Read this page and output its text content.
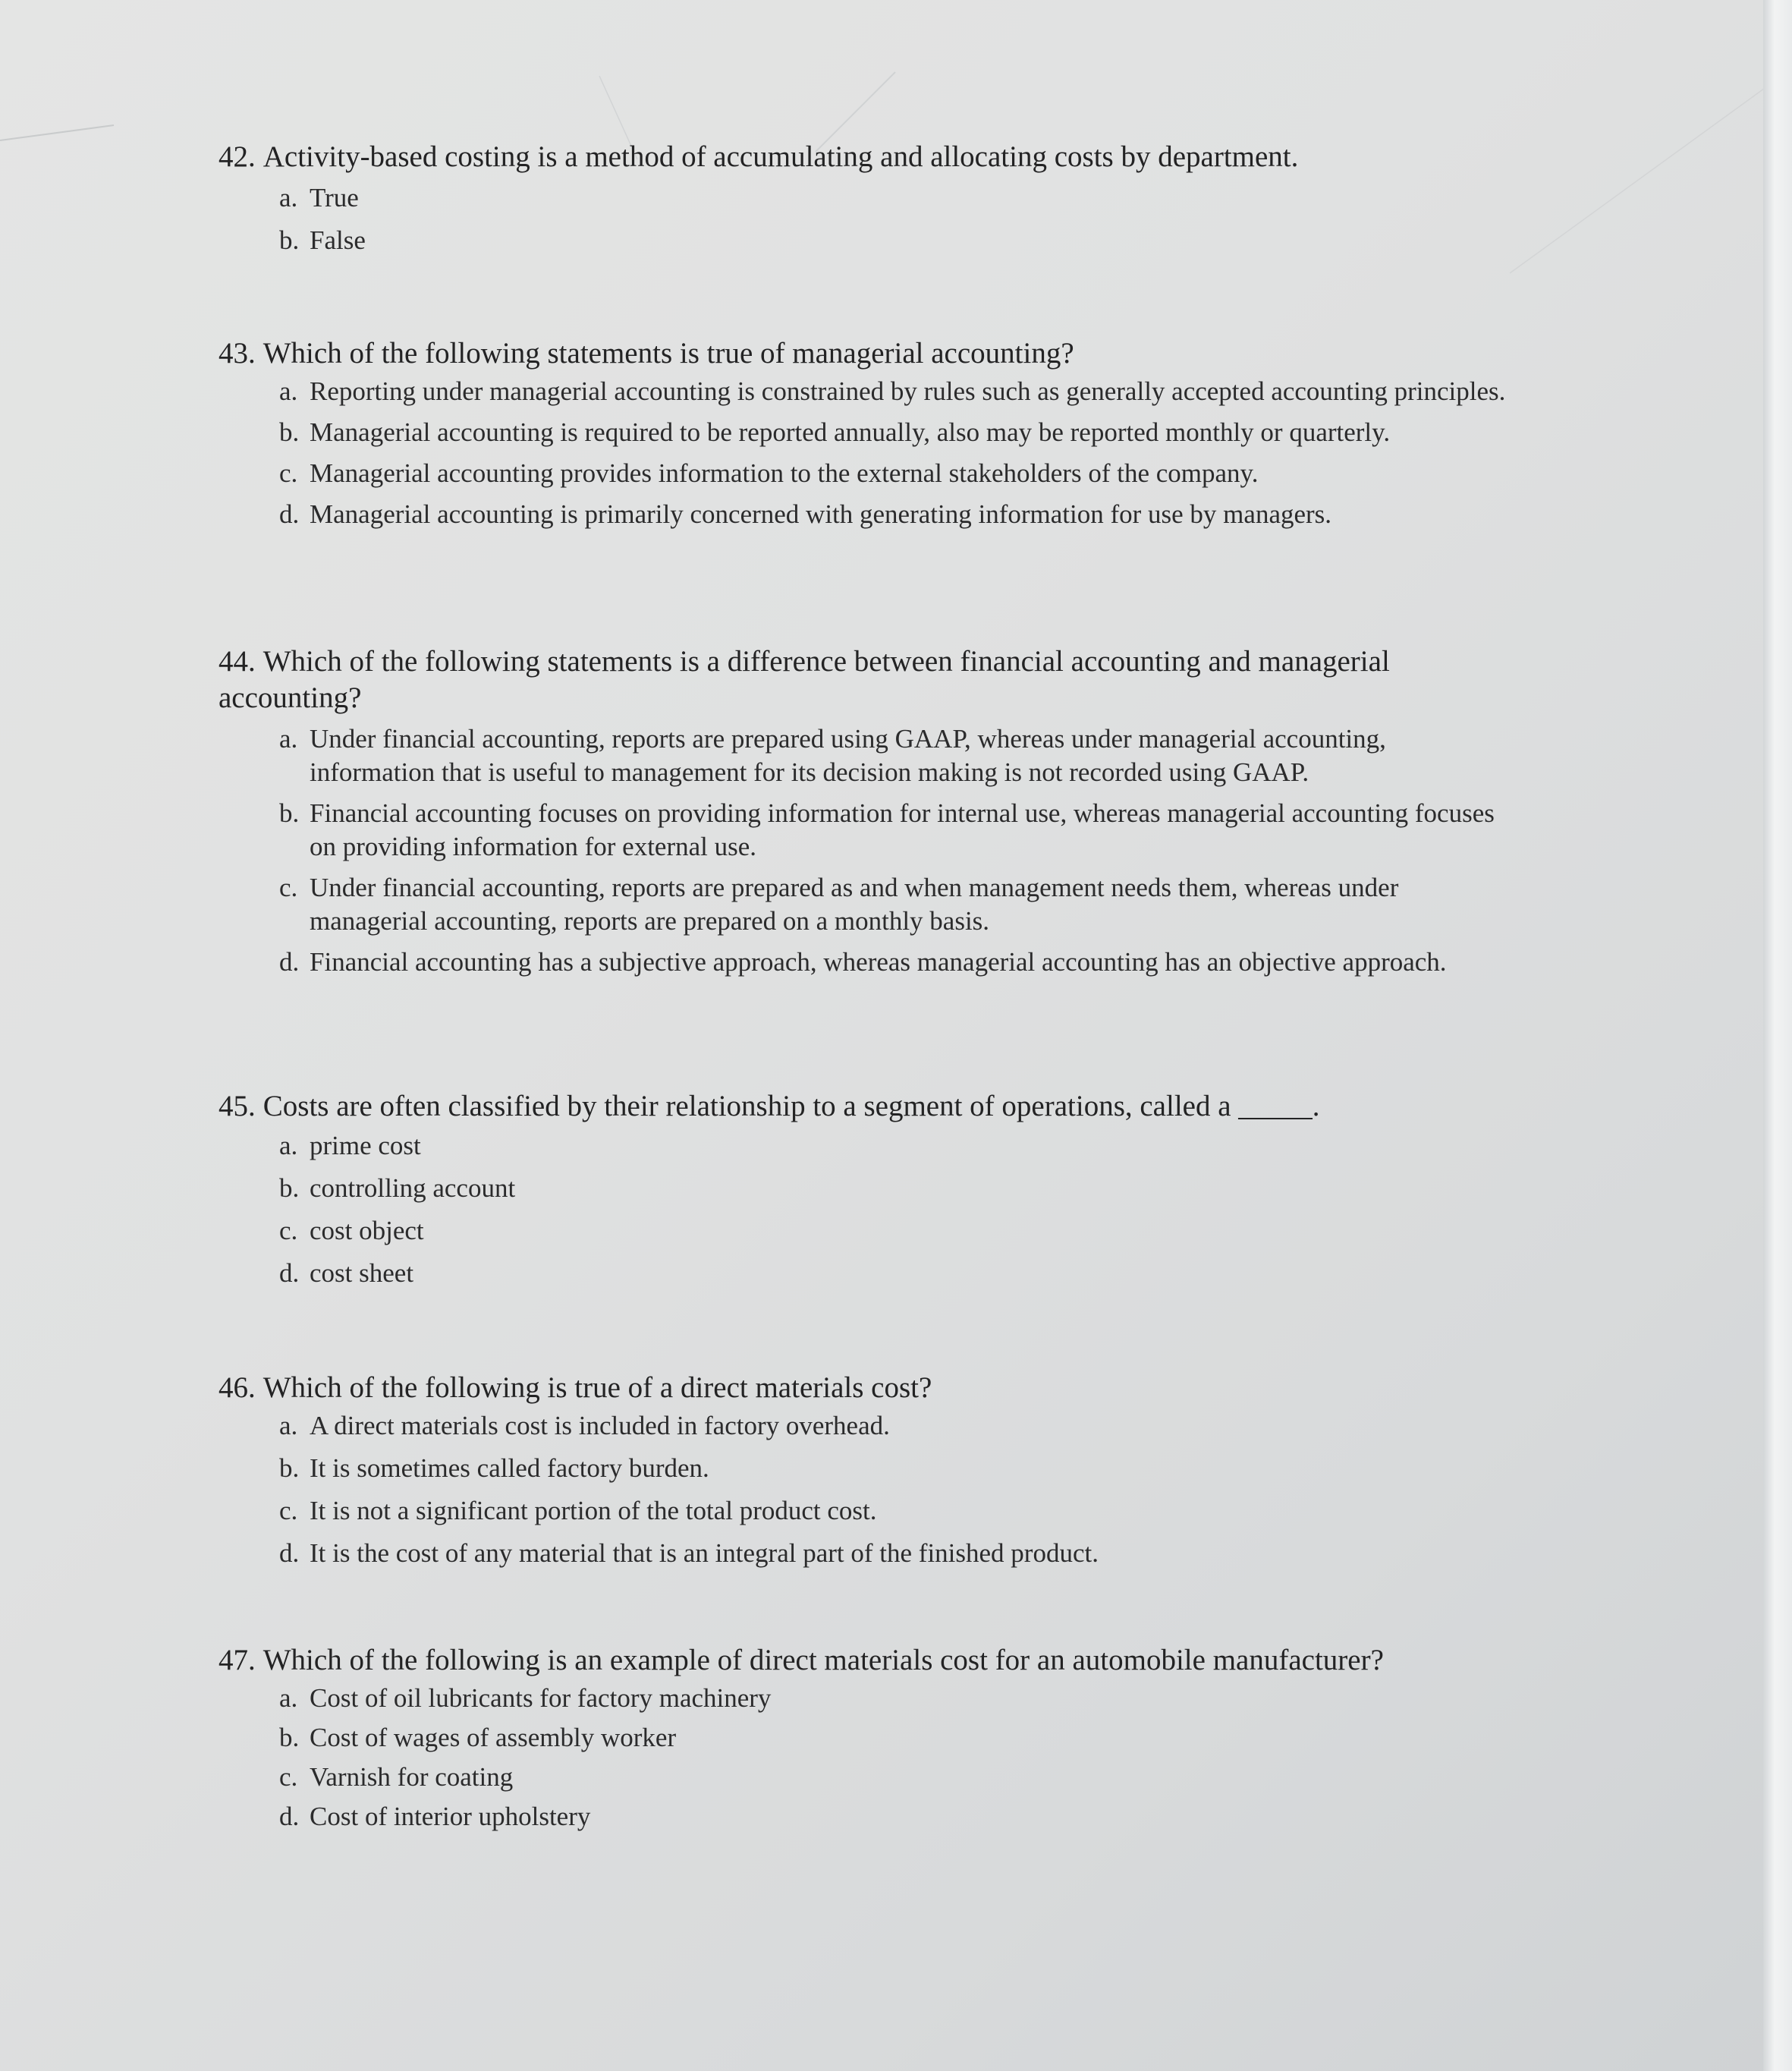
42. Activity-based costing is a method of accumulating and allocating costs by department.

a. True
b. False

43. Which of the following statements is true of managerial accounting?

a. Reporting under managerial accounting is constrained by rules such as generally accepted accounting principles.
b. Managerial accounting is required to be reported annually, also may be reported monthly or quarterly.
c. Managerial accounting provides information to the external stakeholders of the company.
d. Managerial accounting is primarily concerned with generating information for use by managers.

44. Which of the following statements is a difference between financial accounting and managerial accounting?

a. Under financial accounting, reports are prepared using GAAP, whereas under managerial accounting, information that is useful to management for its decision making is not recorded using GAAP.
b. Financial accounting focuses on providing information for internal use, whereas managerial accounting focuses on providing information for external use.
c. Under financial accounting, reports are prepared as and when management needs them, whereas under managerial accounting, reports are prepared on a monthly basis.
d. Financial accounting has a subjective approach, whereas managerial accounting has an objective approach.

45. Costs are often classified by their relationship to a segment of operations, called a _____.

a. prime cost
b. controlling account
c. cost object
d. cost sheet

46. Which of the following is true of a direct materials cost?

a. A direct materials cost is included in factory overhead.
b. It is sometimes called factory burden.
c. It is not a significant portion of the total product cost.
d. It is the cost of any material that is an integral part of the finished product.

47. Which of the following is an example of direct materials cost for an automobile manufacturer?

a. Cost of oil lubricants for factory machinery
b. Cost of wages of assembly worker
c. Varnish for coating
d. Cost of interior upholstery
